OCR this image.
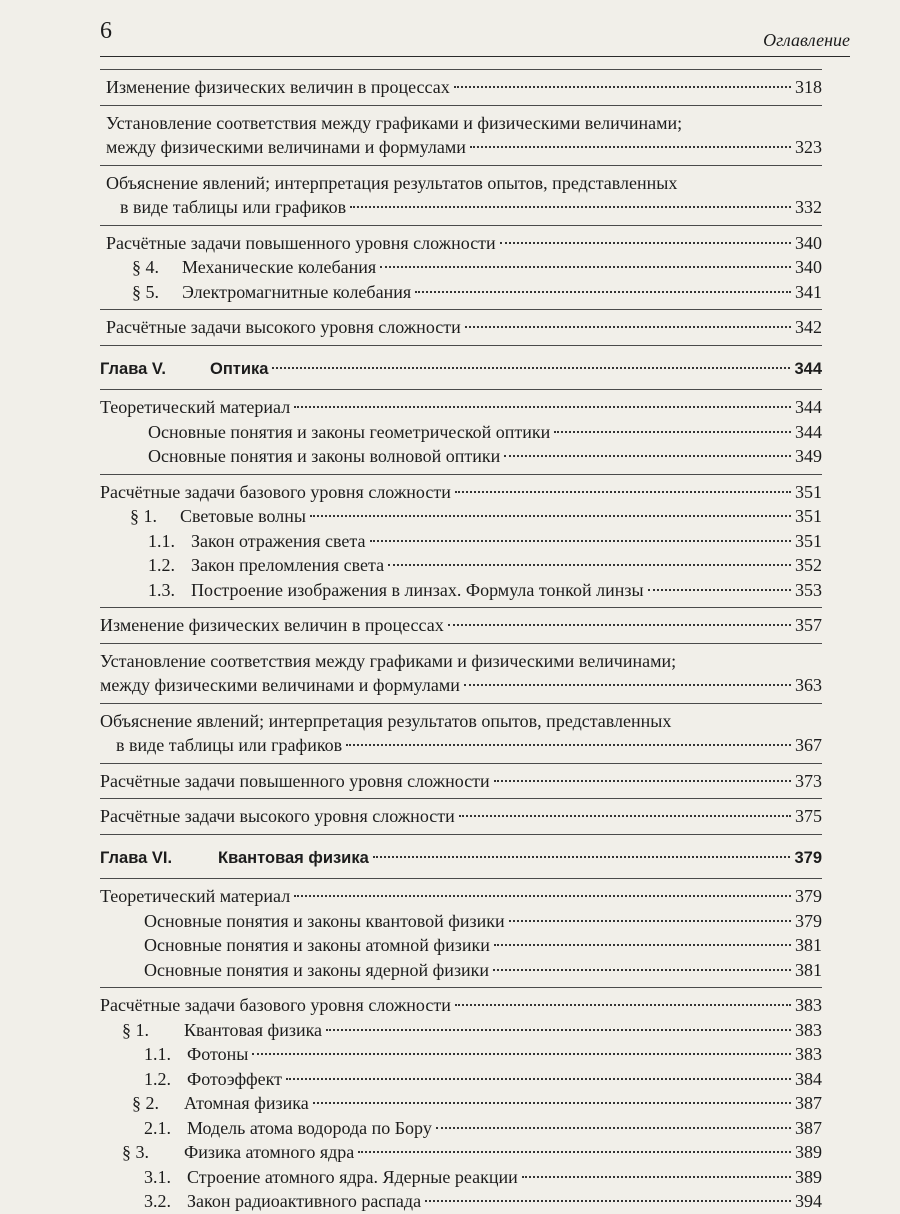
6	Оглавление
Изменение физических величин в процессах	318
Установление соответствия между графиками и физическими величинами;
между физическими величинами и формулами	323
Объяснение явлений; интерпретация результатов опытов, представленных
в виде таблицы или графиков	332
Расчётные задачи повышенного уровня сложности	340
§ 4. Механические колебания	340
§ 5. Электромагнитные колебания	341
Расчётные задачи высокого уровня сложности	342
Глава V.	Оптика	344
Теоретический материал	344
Основные понятия и законы геометрической оптики	344
Основные понятия и законы волновой оптики	349
Расчётные задачи базового уровня сложности	351
§ 1. Световые волны	351
1.1. Закон отражения света	351
1.2. Закон преломления света	352
1.3. Построение изображения в линзах. Формула тонкой линзы	353
Изменение физических величин в процессах	357
Установление соответствия между графиками и физическими величинами;
между физическими величинами и формулами	363
Объяснение явлений; интерпретация результатов опытов, представленных
в виде таблицы или графиков	367
Расчётные задачи повышенного уровня сложности	373
Расчётные задачи высокого уровня сложности	375
Глава VI.	Квантовая физика	379
Теоретический материал	379
Основные понятия и законы квантовой физики	379
Основные понятия и законы атомной физики	381
Основные понятия и законы ядерной физики	381
Расчётные задачи базового уровня сложности	383
§ 1. Квантовая физика	383
1.1. Фотоны	383
1.2. Фотоэффект	384
§ 2. Атомная физика	387
2.1. Модель атома водорода по Бору	387
§ 3. Физика атомного ядра	389
3.1. Строение атомного ядра. Ядерные реакции	389
3.2. Закон радиоактивного распада	394
